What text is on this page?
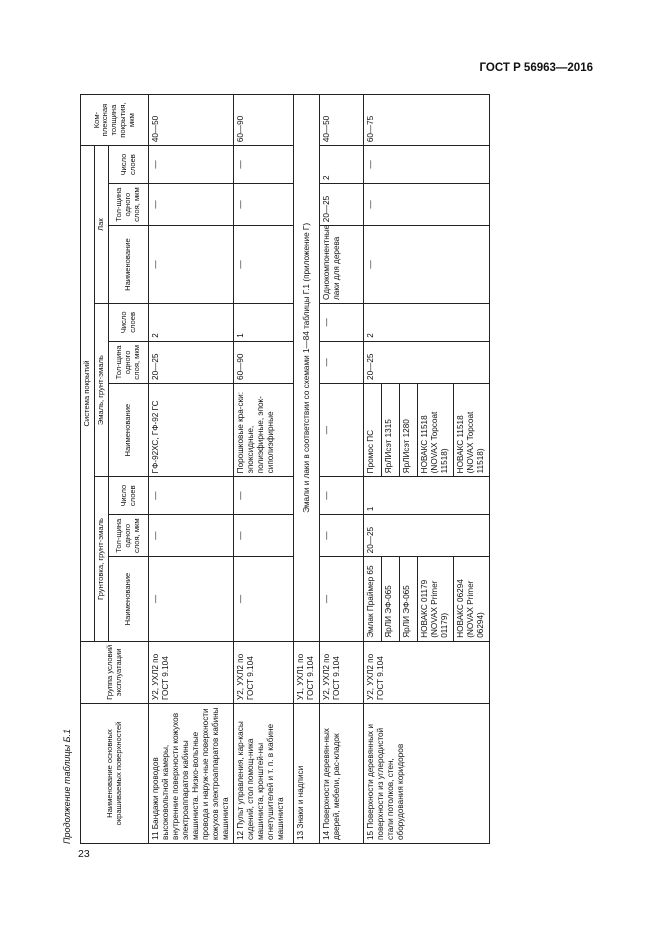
ГОСТ Р 56963—2016
Продолжение таблицы Б.1	Наименование основных окрашиваемых поверхностей	Группа условий эксплуатации	Система покрытий									Ком-плексная толщина покрытия, мкм
		Грунтовка, грунт-эмаль			Эмаль, грунт-эмаль			Лак			
		Наименование	Тол-щина одного слоя, мкм	Число слоев	Наименование	Тол-щина одного слоя, мкм	Число слоев	Наименование	Тол-щина одного слоя, мкм	Число слоев	
11 Бандажи проводов высоковольтной камеры, внутренние поверхности кожухов электроаппаратов кабины машиниста. Низко-вольтные провода и наруж-ные поверхности кожухов электроаппаратов кабины машиниста	У2, УХЛ2 по ГОСТ 9.104	—	—	—	ГФ-92ХС, ГФ-92 ГС	20—25	2	—	—	—	40—50
12 Пульт управления, кар-касы сидений, стол помощ-ника машиниста, кронштей-ны огнетушителей и т. п. в кабине машиниста	У2, УХЛ2 по ГОСТ 9.104	—	—	—	Порошковые кра-ски: эпоксидные, полиэфирные, эпок-сиполиэфирные	60—90	1	—	—	—	60—90
13 Знаки и надписи	У1, УХЛ1 по ГОСТ 9.104	Эмали и лаки в соответствии со схемами 1—84 таблицы Г.1 (приложение Г)									
14 Поверхности деревян-ных дверей, мебели, рас-кладок	У2, УХЛ2 по ГОСТ 9.104	—	—	—	—	—	—	Однокомпонентные лаки для дерева	20—25	2	40—50
15 Поверхности деревянных и поверхности из углеродистой стали потолков, стен, оборудования коридоров	У2, УХЛ2 по ГОСТ 9.104	Эмлак Праймер 65	20—25	1	Промос ПС	20—25	2	—	—	—	60—75
		ЯрЛИ ЭФ-065			ЯрЛИсэт 1315						
		ЯрЛИ ЭФ-065			ЯрЛИсэт 1280						
		НОВАКС 01179 (NOVAX Primer 01179)			НОВАКС 11518 (NOVAX Topcoat 11518)						
		НОВАКС 06294 (NOVAX Primer 06294)			НОВАКС 11518 (NOVAX Topcoat 11518)						
23
